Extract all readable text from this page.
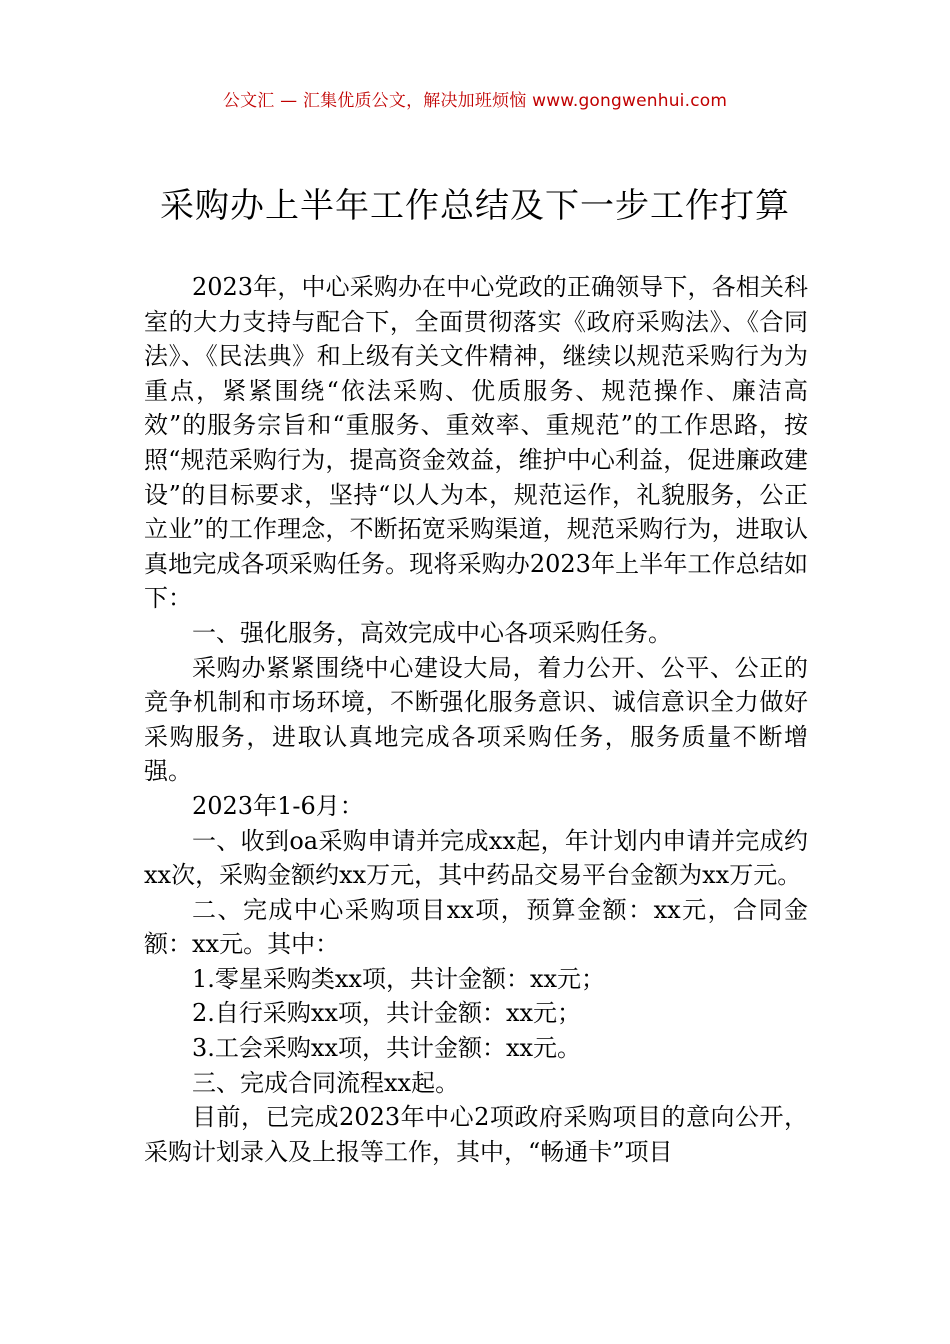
公文汇 — 汇集优质公文，解决加班烦恼 www.gongwenhui.com
采购办上半年工作总结及下一步工作打算

2023年，中心采购办在中心党政的正确领导下，各相关科室的大力支持与配合下，全面贯彻落实《政府采购法》、《合同法》、《民法典》和上级有关文件精神，继续以规范采购行为为重点，紧紧围绕“依法采购、优质服务、规范操作、廉洁高效”的服务宗旨和“重服务、重效率、重规范”的工作思路，按照“规范采购行为，提高资金效益，维护中心利益，促进廉政建设”的目标要求，坚持“以人为本，规范运作，礼貌服务，公正立业”的工作理念，不断拓宽采购渠道，规范采购行为，进取认真地完成各项采购任务。现将采购办2023年上半年工作总结如下：

一、强化服务，高效完成中心各项采购任务。

采购办紧紧围绕中心建设大局，着力公开、公平、公正的竞争机制和市场环境，不断强化服务意识、诚信意识全力做好采购服务，进取认真地完成各项采购任务，服务质量不断增强。

2023年1-6月：

一、收到oa采购申请并完成xx起，年计划内申请并完成约xx次，采购金额约xx万元，其中药品交易平台金额为xx万元。

二、完成中心采购项目xx项，预算金额：xx元，合同金额：xx元。其中：

1.零星采购类xx项，共计金额：xx元；

2.自行采购xx项，共计金额：xx元；

3.工会采购xx项，共计金额：xx元。

三、完成合同流程xx起。

目前，已完成2023年中心2项政府采购项目的意向公开，采购计划录入及上报等工作，其中，“畅通卡”项目
